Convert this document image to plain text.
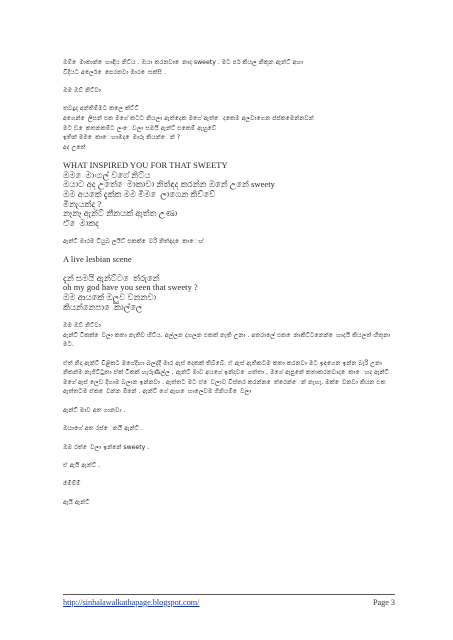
ඔම් ෙමාකාන් ෙහාඳිය නිට්ය . ඔයා කරනවා ෙනාද sweety . මට පර් කියල නිකුන ඇන්ට් අහා
විදියට අලෙර් ෙපෙරනවා මාර ෙසක්සි .
ඔම ඔව් නිට්වා
තවදුද අන්තිම්මට කලෙ ක්ට්ට්
අගෙන් ෙලිසන් එක මගේ කටට නියලා ඇත්දෙක මගේ ඇත්ෙදකෙම අලවාගෙන ප්ප්කමෙන්නවන්
මට ඩ ෙකතනකම්ට ලංෙවලා සමයි ඇන්ට් එකෙම් ඇහුවේ
ඉතින් මම ෙකාෙහාමද ෙමාරු කියන්ෙන් ?
අද උතේ
WHAT INSPIRED YOU FOR THAT SWEETY
ඔම ෙමාංගල් වගේ නිට්ය
ඔයාට අද උතේ ෙමාකාවා නිත්ඳද කරන්න ඔනේ උනේ sweety
ඔම අයකේ දැක්ක මම මිම ෙලාගෙන කිව්වේ
මිනැයක්ද ?
නෑනෑ ඇන්ට් නීනයක් ඇත්ත උණා
ඒ ෙමාකද
ඇන්ට් මාරම ට්යුබ ලයිට් එකක් ෙවරි නිත්ඳද ෙකාෙහ්
A live lesbian scene
දැන් සමයි ඇන්ට්ට ෙත්රුනේ
oh my god have you seen that sweety ?
ඔම ආයකේ ඔලුව වනනවා
කියන්නෙපා ෙකාල්ලෙ
ඔම ඔව් නිට්වා
ඇන්ට් ටිකක් ෙවලා කතා නැතිව හිට්ය. අල්ලන දගලන එකක් නැති උනා . අතරාලේ එක ෙනාකිට්ටනෙන් ෙහාදයි කියලත් හිතුනා මට.
ඒත් නිදා ඇන්ට් විළිකට මගේදිහා බලද්දී මාර ඇස් දෙකක් තිබ්බේ. ඒ ඇස් ඇතිකටම කතා කරනවා මට ඉඳගෙන ඉන්න බැරි උනා නිකන්ම නැගිට්ටුතා ඒක් ටිකක් හැරුණිල්ල , ඇන්ට් මාව අයගේ ඉන්දව ෙගත්තා , මගේ ඇපුනේ කතාකරනවාද ෙකාෙහද ඇන්ට් මගේ ඇස් ලෙඩ දිහාම බලාන ඉන්නවා . ඇත්තට මට ඒ ෙවලාව විස්තර කරන්න ෙත්රෙන්ෙන් නැහැ. මක් ෙවනවා කියන එක ඇත්තටම ඒක ෙවන්න ඕනේ . ඇන්ට් ගේ ඇඟ ෙහාලෙවම ගිනියම් ෙවලා
ඇන්ට් මාව අත ගානවා .
ඔයාගේ අත රස්ෙනයි ඇන්ට් .
ඔම රත් ෙවලා ඉන්නේ sweety .
ඒ ඇයි ඇන්ට් .
ඡ්ම්ම්ම්
ඇයි ඇන්ට්
http://sinhalawalkathapage.blogspot.com/	Page 3
